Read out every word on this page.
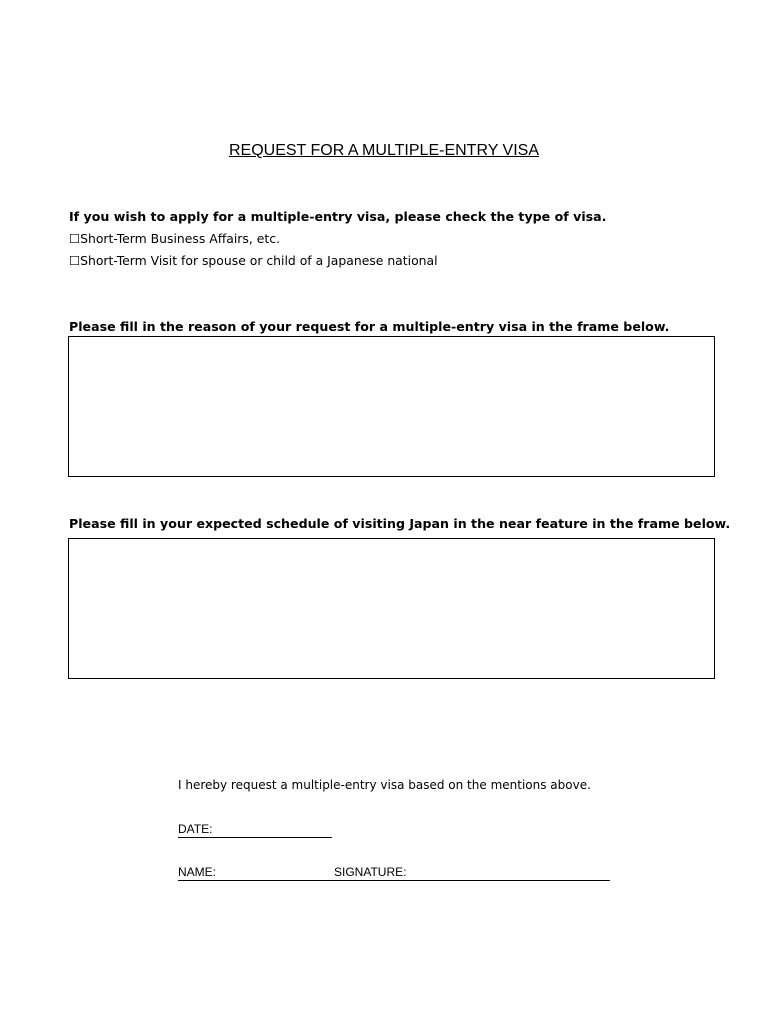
REQUEST FOR A MULTIPLE-ENTRY VISA
If you wish to apply for a multiple-entry visa, please check the type of visa.
☐Short-Term Business Affairs, etc.
☐Short-Term Visit for spouse or child of a Japanese national
Please fill in the reason of your request for a multiple-entry visa in the frame below.
Please fill in your expected schedule of visiting Japan in the near feature in the frame below.
I hereby request a multiple-entry visa based on the mentions above.
DATE:
NAME:	SIGNATURE:
